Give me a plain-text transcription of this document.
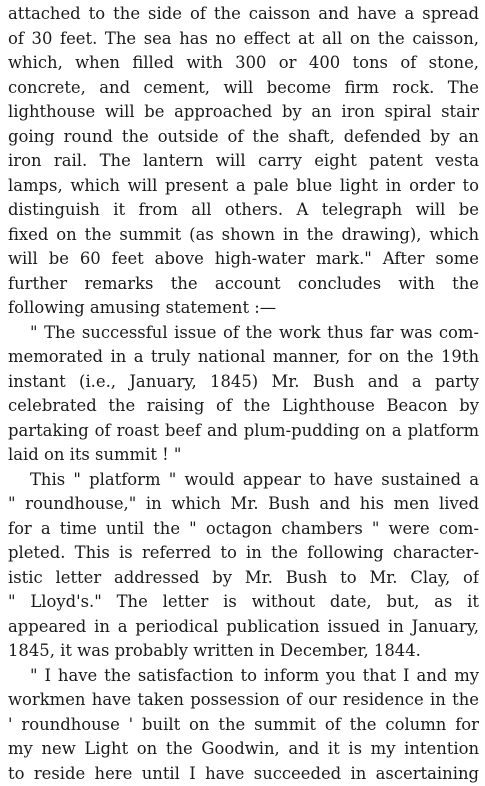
attached to the side of the caisson and have a spread
of 30 feet. The sea has no effect at all on the caisson,
which, when filled with 300 or 400 tons of stone,
concrete, and cement, will become firm rock. The
lighthouse will be approached by an iron spiral stair
going round the outside of the shaft, defended by an
iron rail. The lantern will carry eight patent vesta
lamps, which will present a pale blue light in order to
distinguish it from all others. A telegraph will be
fixed on the summit (as shown in the drawing), which
will be 60 feet above high-water mark." After some
further remarks the account concludes with the
following amusing statement :—
" The successful issue of the work thus far was com-
memorated in a truly national manner, for on the 19th
instant (i.e., January, 1845) Mr. Bush and a party
celebrated the raising of the Lighthouse Beacon by
partaking of roast beef and plum-pudding on a platform
laid on its summit ! "
This " platform " would appear to have sustained a
" roundhouse," in which Mr. Bush and his men lived
for a time until the " octagon chambers " were com-
pleted. This is referred to in the following character-
istic letter addressed by Mr. Bush to Mr. Clay, of
" Lloyd's." The letter is without date, but, as it
appeared in a periodical publication issued in January,
1845, it was probably written in December, 1844.
" I have the satisfaction to inform you that I and my
workmen have taken possession of our residence in the
' roundhouse ' built on the summit of the column for
my new Light on the Goodwin, and it is my intention
to reside here until I have succeeded in ascertaining
